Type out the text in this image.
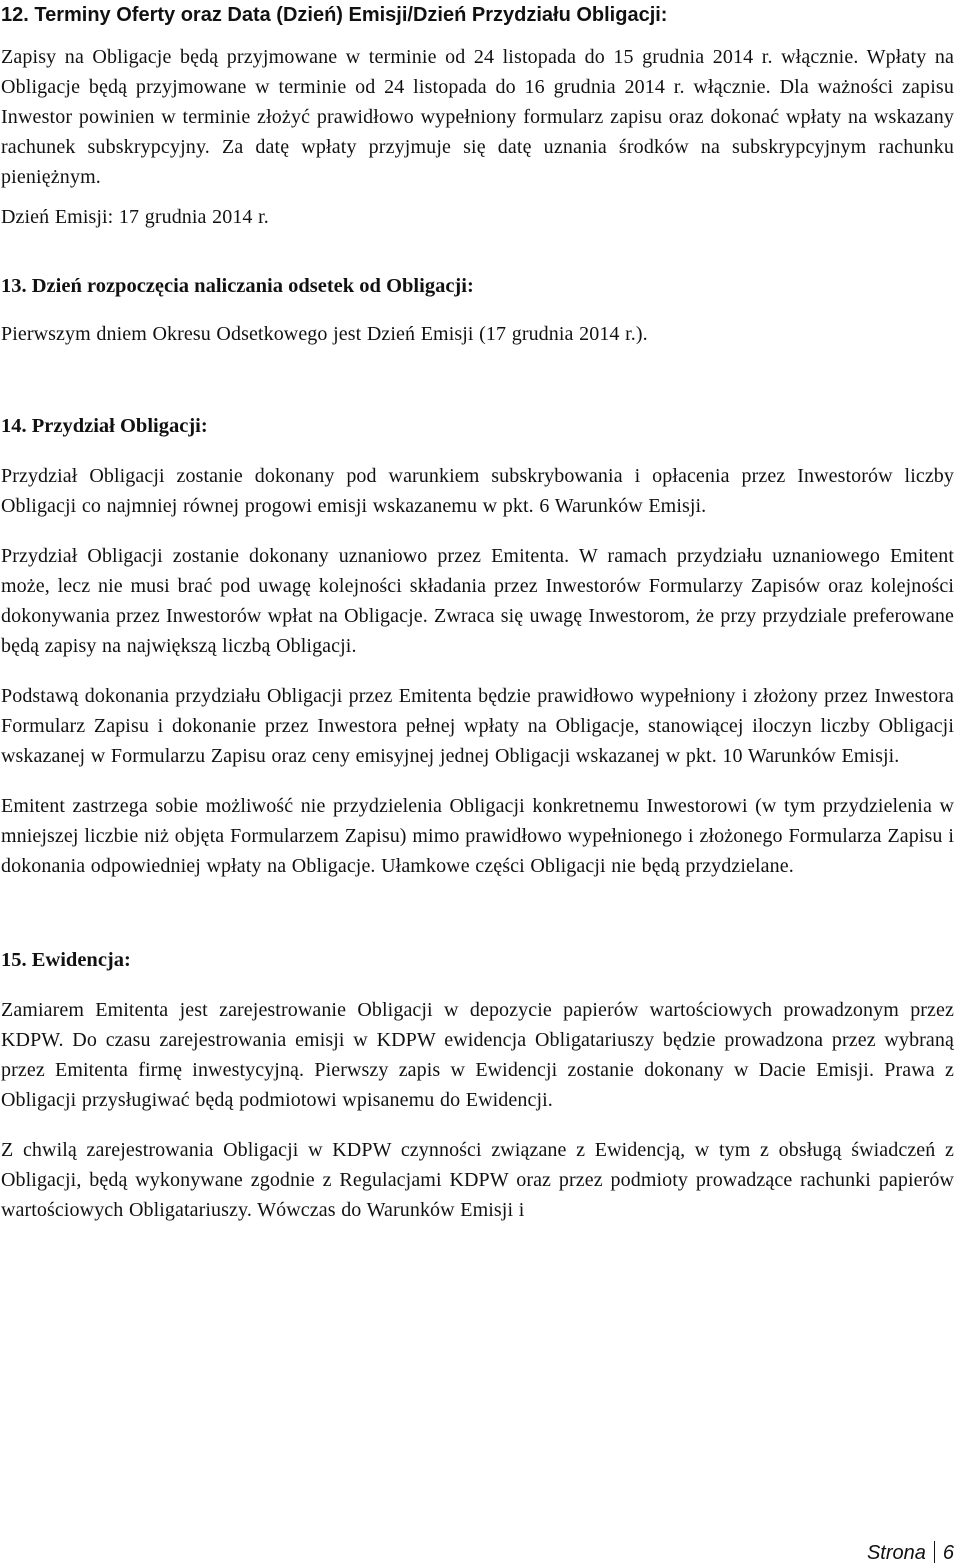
12. Terminy Oferty oraz Data (Dzień) Emisji/Dzień Przydziału Obligacji:

Zapisy na Obligacje będą przyjmowane w terminie od 24 listopada do 15 grudnia 2014 r. włącznie. Wpłaty na Obligacje będą przyjmowane w terminie od 24 listopada do 16 grudnia 2014 r. włącznie. Dla ważności zapisu Inwestor powinien w terminie złożyć prawidłowo wypełniony formularz zapisu oraz dokonać wpłaty na wskazany rachunek subskrypcyjny. Za datę wpłaty przyjmuje się datę uznania środków na subskrypcyjnym rachunku pieniężnym.

Dzień Emisji: 17 grudnia 2014 r.

13. Dzień rozpoczęcia naliczania odsetek od Obligacji:

Pierwszym dniem Okresu Odsetkowego jest Dzień Emisji (17 grudnia 2014 r.).

14. Przydział Obligacji:

Przydział Obligacji zostanie dokonany pod warunkiem subskrybowania i opłacenia przez Inwestorów liczby Obligacji co najmniej równej progowi emisji wskazanemu w pkt. 6 Warunków Emisji.

Przydział Obligacji zostanie dokonany uznaniowo przez Emitenta. W ramach przydziału uznaniowego Emitent może, lecz nie musi brać pod uwagę kolejności składania przez Inwestorów Formularzy Zapisów oraz kolejności dokonywania przez Inwestorów wpłat na Obligacje. Zwraca się uwagę Inwestorom, że przy przydziale preferowane będą zapisy na największą liczbą Obligacji.

Podstawą dokonania przydziału Obligacji przez Emitenta będzie prawidłowo wypełniony i złożony przez Inwestora Formularz Zapisu i dokonanie przez Inwestora pełnej wpłaty na Obligacje, stanowiącej iloczyn liczby Obligacji wskazanej w Formularzu Zapisu oraz ceny emisyjnej jednej Obligacji wskazanej w pkt. 10 Warunków Emisji.

Emitent zastrzega sobie możliwość nie przydzielenia Obligacji konkretnemu Inwestorowi (w tym przydzielenia w mniejszej liczbie niż objęta Formularzem Zapisu) mimo prawidłowo wypełnionego i złożonego Formularza Zapisu i dokonania odpowiedniej wpłaty na Obligacje. Ułamkowe części Obligacji nie będą przydzielane.

15. Ewidencja:

Zamiarem Emitenta jest zarejestrowanie Obligacji w depozycie papierów wartościowych prowadzonym przez KDPW. Do czasu zarejestrowania emisji w KDPW ewidencja Obligatariuszy będzie prowadzona przez wybraną przez Emitenta firmę inwestycyjną. Pierwszy zapis w Ewidencji zostanie dokonany w Dacie Emisji. Prawa z Obligacji przysługiwać będą podmiotowi wpisanemu do Ewidencji.

Z chwilą zarejestrowania Obligacji w KDPW czynności związane z Ewidencją, w tym z obsługą świadczeń z Obligacji, będą wykonywane zgodnie z Regulacjami KDPW oraz przez podmioty prowadzące rachunki papierów wartościowych Obligatariuszy. Wówczas do Warunków Emisji i

Strona 6
